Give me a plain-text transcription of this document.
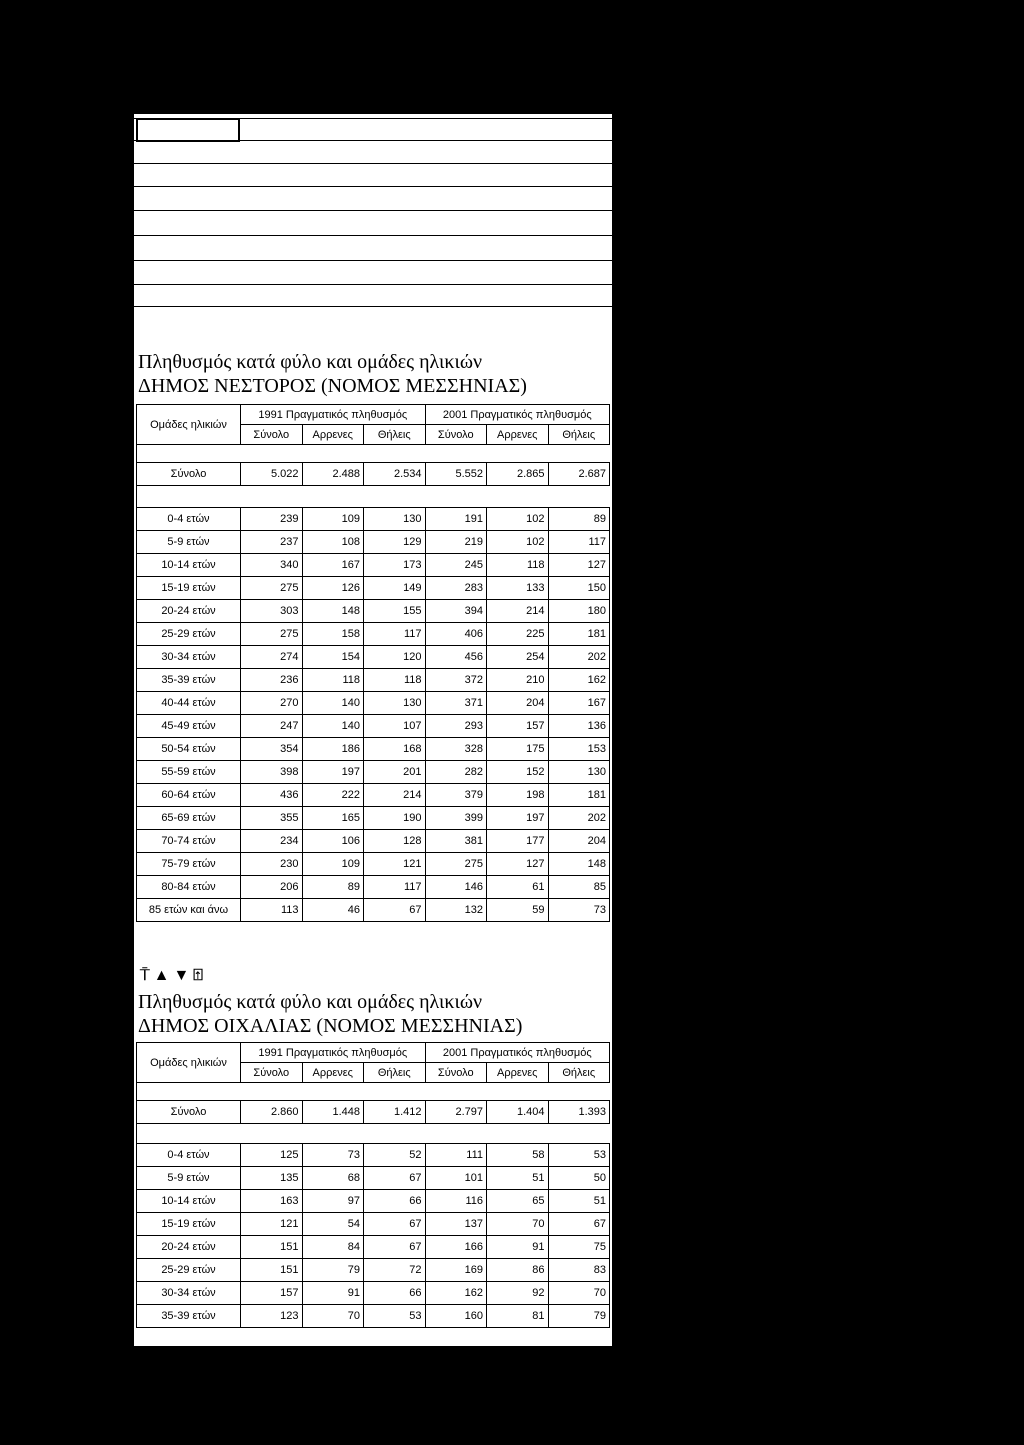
Πληθυσμός κατά φύλο και ομάδες ηλικιών
ΔΗΜΟΣ ΝΕΣΤΟΡΟΣ (ΝΟΜΟΣ ΜΕΣΣΗΝΙΑΣ)
Ομάδες ηλικιών	1991 Πραγματικός πληθυσμός			2001 Πραγματικός πληθυσμός		
	Σύνολο	Αρρενες	Θήλεις	Σύνολο	Αρρενες	Θήλεις

Σύνολο	5.022	2.488	2.534	5.552	2.865	2.687

0-4 ετών	239	109	130	191	102	89
5-9 ετών	237	108	129	219	102	117
10-14 ετών	340	167	173	245	118	127
15-19 ετών	275	126	149	283	133	150
20-24 ετών	303	148	155	394	214	180
25-29 ετών	275	158	117	406	225	181
30-34 ετών	274	154	120	456	254	202
35-39 ετών	236	118	118	372	210	162
40-44 ετών	270	140	130	371	204	167
45-49 ετών	247	140	107	293	157	136
50-54 ετών	354	186	168	328	175	153
55-59 ετών	398	197	201	282	152	130
60-64 ετών	436	222	214	379	198	181
65-69 ετών	355	165	190	399	197	202
70-74 ετών	234	106	128	381	177	204
75-79 ετών	230	109	121	275	127	148
80-84 ετών	206	89	117	146	61	85
85 ετών και άνω	113	46	67	132	59	73
⍑▲▼⍐
Πληθυσμός κατά φύλο και ομάδες ηλικιών
ΔΗΜΟΣ ΟΙΧΑΛΙΑΣ (ΝΟΜΟΣ ΜΕΣΣΗΝΙΑΣ)
Ομάδες ηλικιών	1991 Πραγματικός πληθυσμός			2001 Πραγματικός πληθυσμός		
	Σύνολο	Αρρενες	Θήλεις	Σύνολο	Αρρενες	Θήλεις

Σύνολο	2.860	1.448	1.412	2.797	1.404	1.393

0-4 ετών	125	73	52	111	58	53
5-9 ετών	135	68	67	101	51	50
10-14 ετών	163	97	66	116	65	51
15-19 ετών	121	54	67	137	70	67
20-24 ετών	151	84	67	166	91	75
25-29 ετών	151	79	72	169	86	83
30-34 ετών	157	91	66	162	92	70
35-39 ετών	123	70	53	160	81	79
